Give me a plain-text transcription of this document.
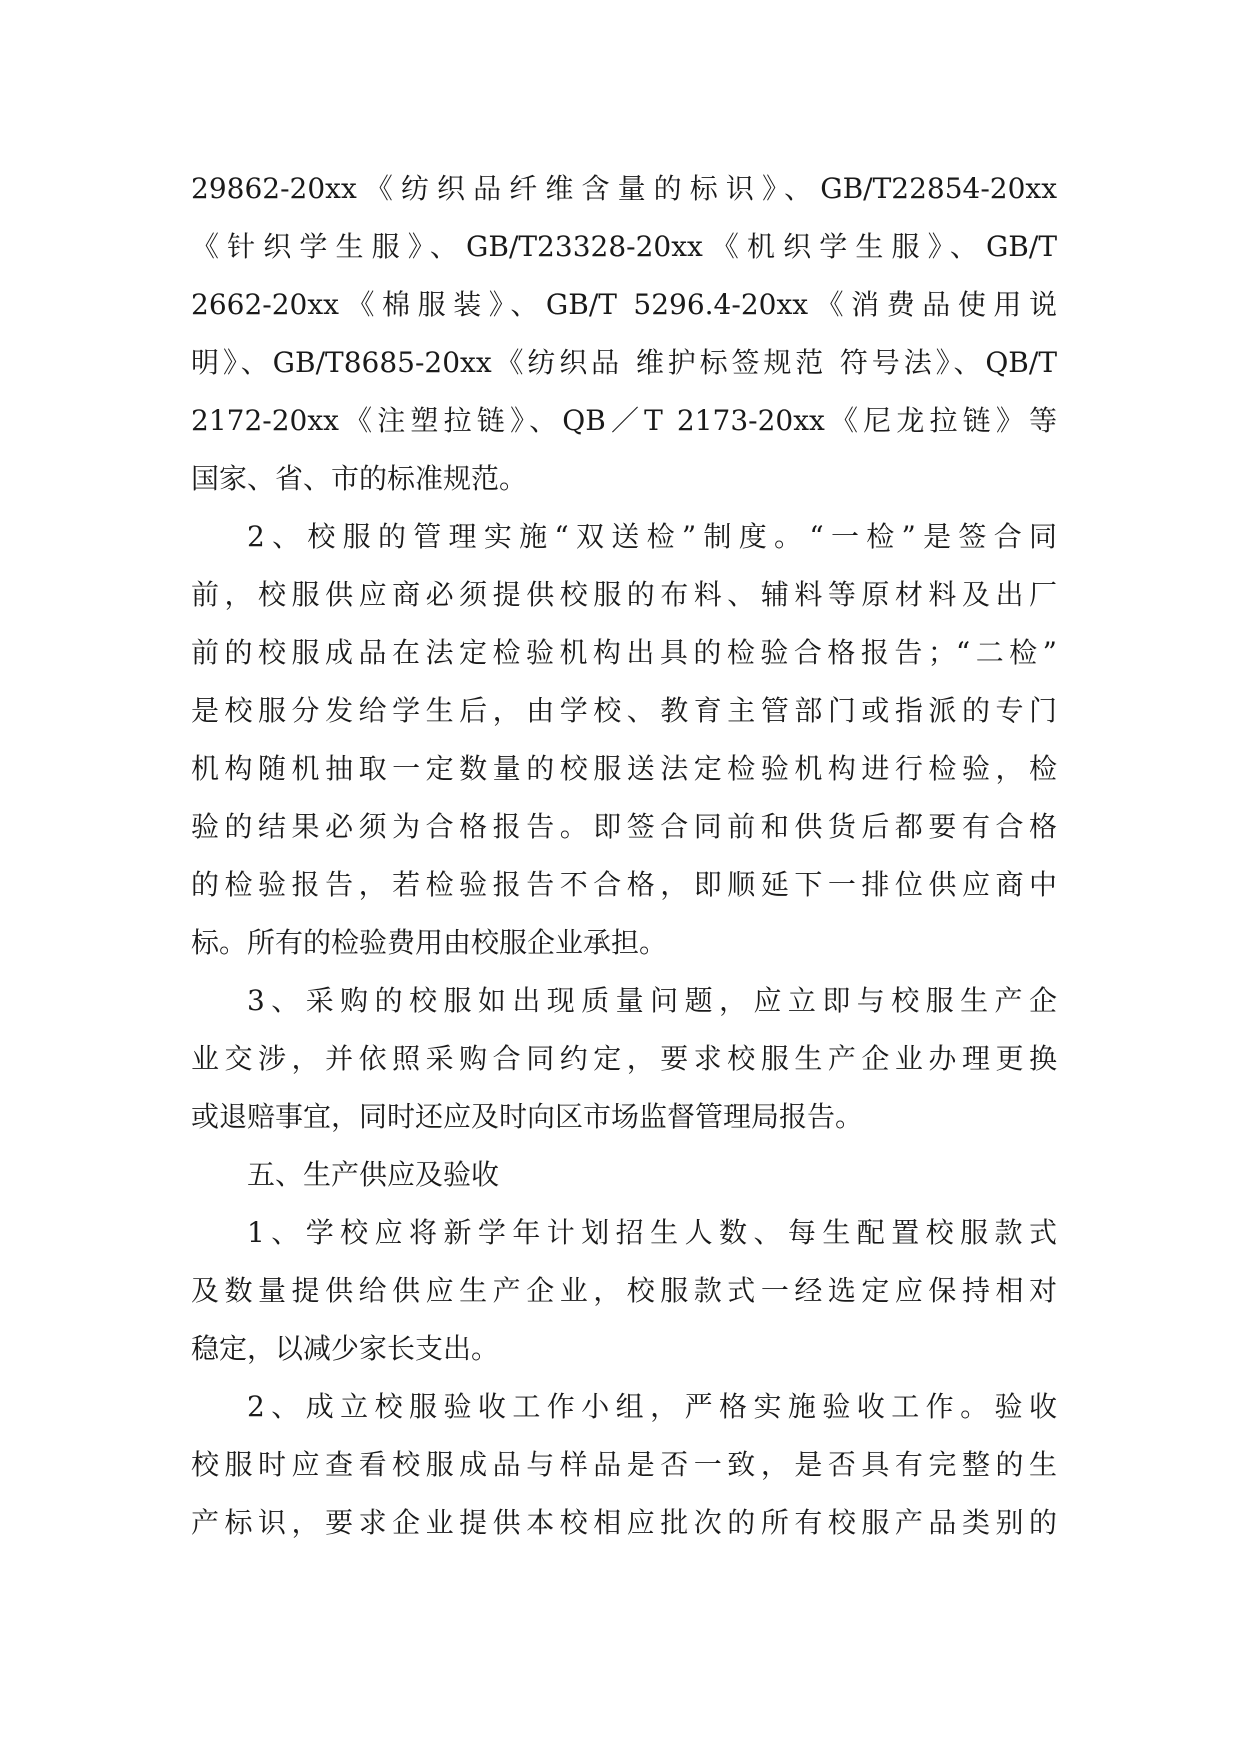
29862-20xx《纺织品纤维含量的标识》、GB/T22854-20xx
《针织学生服》、GB/T23328-20xx《机织学生服》、GB/T
2662-20xx《棉服装》、GB/T 5296.4-20xx《消费品使用说
明》、GB/T8685-20xx《纺织品 维护标签规范 符号法》、QB/T
2172-20xx《注塑拉链》、QB／T 2173-20xx《尼龙拉链》等
国家、省、市的标准规范。
2、校服的管理实施“双送检”制度。“一检”是签合同
前，校服供应商必须提供校服的布料、辅料等原材料及出厂
前的校服成品在法定检验机构出具的检验合格报告；“二检”
是校服分发给学生后，由学校、教育主管部门或指派的专门
机构随机抽取一定数量的校服送法定检验机构进行检验，检
验的结果必须为合格报告。即签合同前和供货后都要有合格
的检验报告，若检验报告不合格，即顺延下一排位供应商中
标。所有的检验费用由校服企业承担。
3、采购的校服如出现质量问题，应立即与校服生产企
业交涉，并依照采购合同约定，要求校服生产企业办理更换
或退赔事宜，同时还应及时向区市场监督管理局报告。
五、生产供应及验收
1、学校应将新学年计划招生人数、每生配置校服款式
及数量提供给供应生产企业，校服款式一经选定应保持相对
稳定，以减少家长支出。
2、成立校服验收工作小组，严格实施验收工作。验收
校服时应查看校服成品与样品是否一致，是否具有完整的生
产标识，要求企业提供本校相应批次的所有校服产品类别的
